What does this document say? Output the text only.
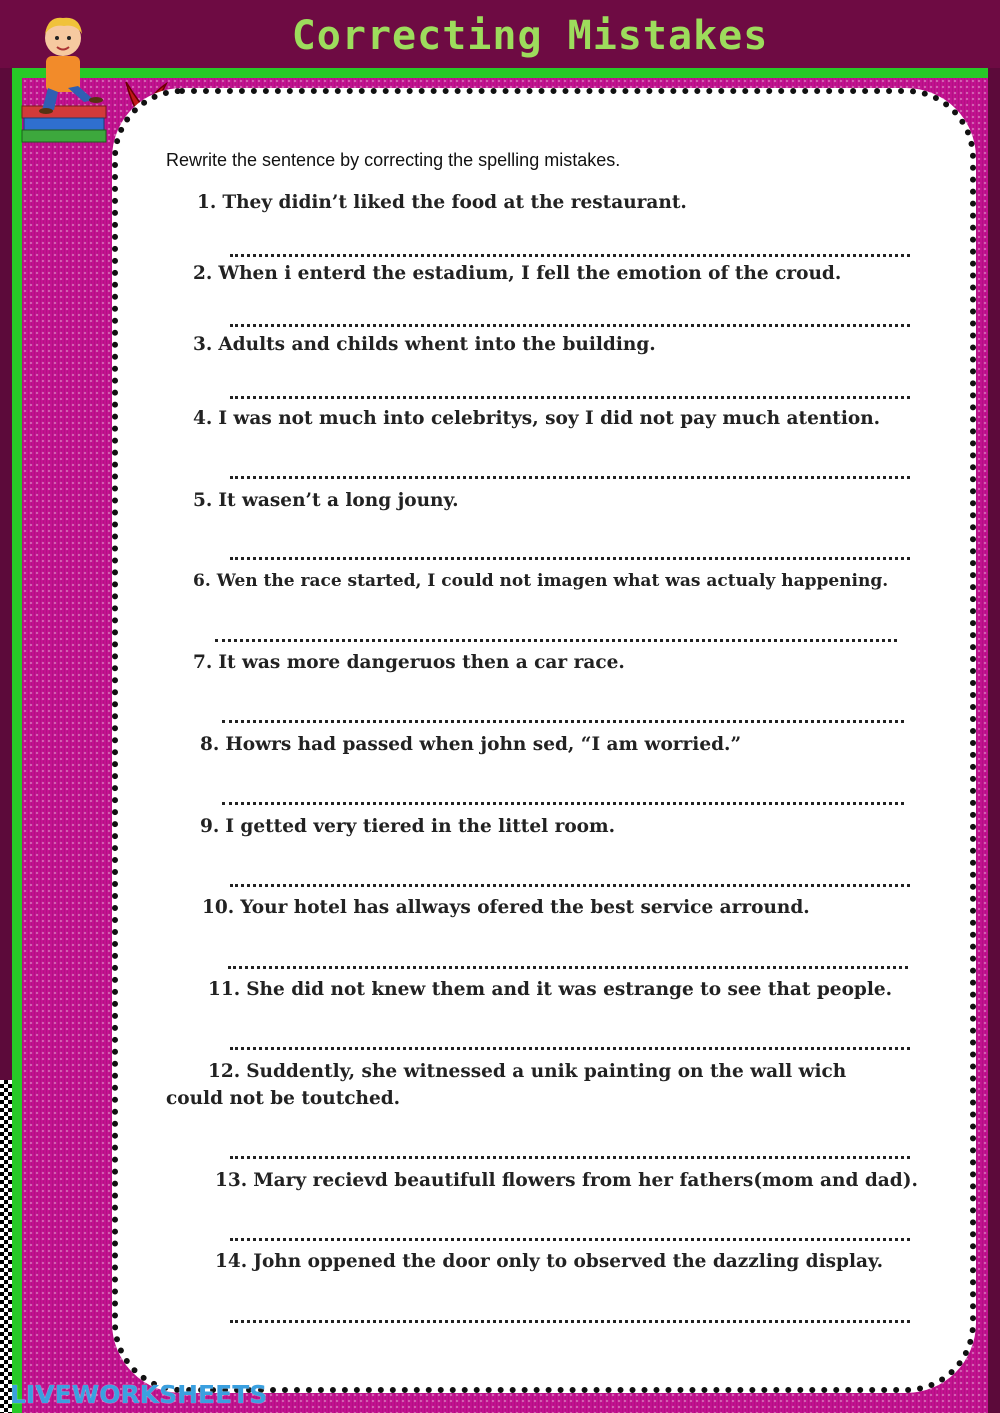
Correcting Mistakes
Rewrite the sentence by correcting the spelling mistakes.
1. They didin’t liked the food at the restaurant.
2. When i enterd the estadium, I fell the emotion of the croud.
3. Adults and childs whent into the building.
4. I was not much into celebritys, soy I did not pay much atention.
5. It wasen’t a long jouny.
6. Wen the race started, I could not imagen what was actualy happening.
7. It was more dangeruos then a car race.
8. Howrs had passed when john sed, “I am worried.”
9. I getted very tiered in the littel room.
10. Your hotel has allways ofered the best service arround.
11. She did not knew them and it was estrange to see that people.
12. Suddently, she witnessed a unik painting on the wall wich
could not be toutched.
13. Mary recievd beautifull flowers from her fathers(mom and dad).
14. John oppened the door only to observed the dazzling display.
LIVEWORKSHEETS
